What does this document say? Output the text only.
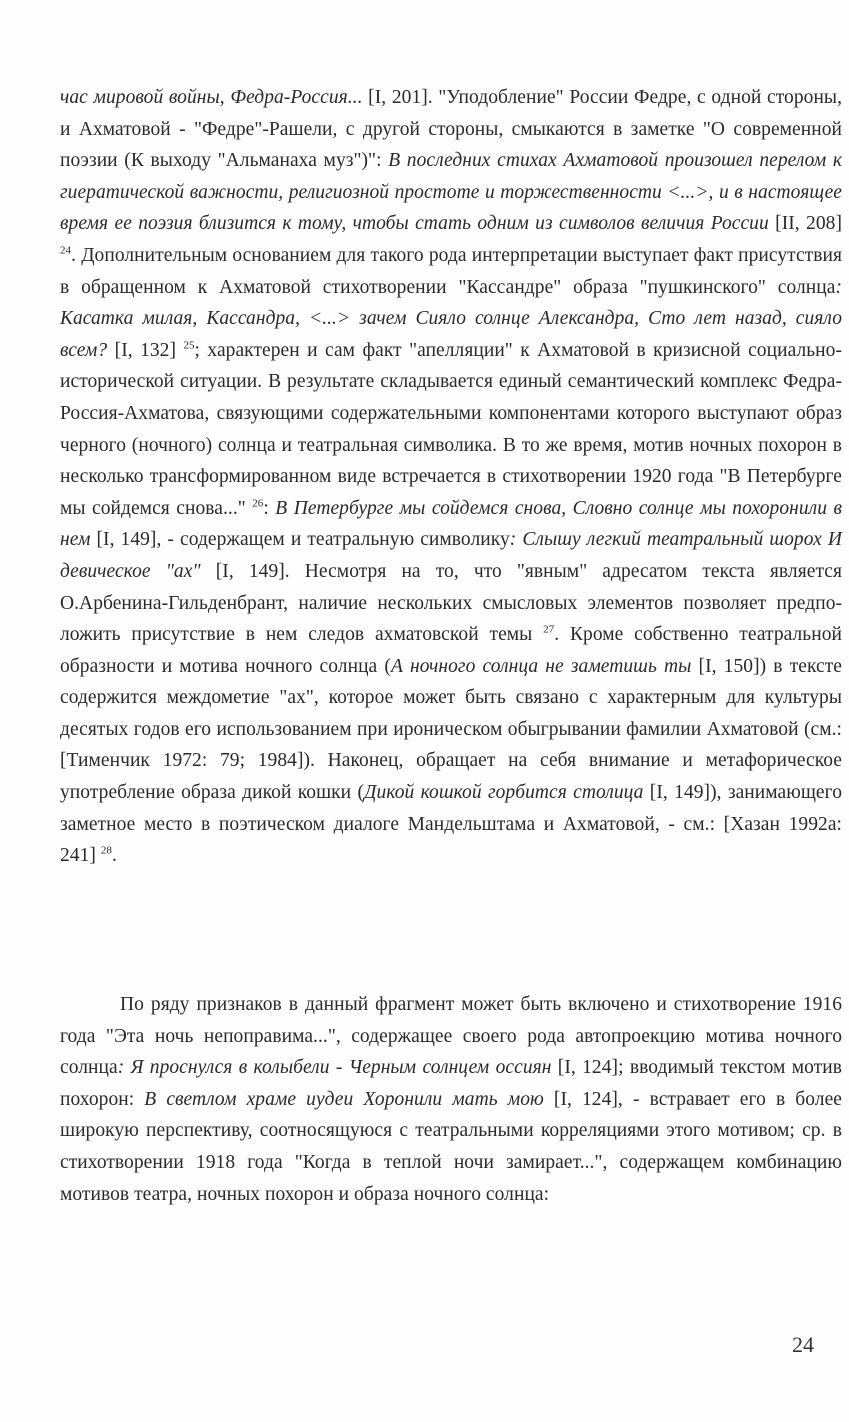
час мировой войны, Федра-Россия... [I, 201]. "Уподобление" России Федре, с одной стороны, и Ахматовой - "Федре"-Рашели, с другой стороны, смыкаются в заметке "О современной поэзии (К выходу "Альманаха муз")": В последних стихах Ахматовой произошел перелом к гиератической важности, религиозной простоте и торжественности <...>, и в настоящее время ее поэзия близится к тому, чтобы стать одним из символов величия России [II, 208] $^{24}$. Дополнительным основанием для такого рода интерпретации выступает факт присутствия в обращенном к Ахматовой стихотворении "Кассандре" образа "пушкинского" солнца: Касатка милая, Кассандра, <...> зачем Сияло солнце Александра, Сто лет назад, сияло всем? [I, 132] $^{25}$; характерен и сам факт "апелляции" к Ахматовой в кризисной социально-исторической ситуации. В результате складывается единый семантический комплекс Федра-Россия-Ахматова, связующими содержательными компонентами которого выступают образ черного (ночного) солнца и театральная символика. В то же время, мотив ночных похорон в несколько трансформированном виде встречается в стихотворении 1920 года "В Петербурге мы сойдемся снова..." $^{26}$: В Петербурге мы сойдемся снова, Словно солнце мы похоронили в нем [I, 149], - содержащем и театральную символику: Слышу легкий театральный шорох И девическое "ах" [I, 149]. Несмотря на то, что "явным" адресатом текста является О.Арбенина-Гильденбрант, наличие нескольких смысловых элементов позволяет предположить присутствие в нем следов ахматовской темы $^{27}$. Кроме собственно театральной образности и мотива ночного солнца (А ночного солнца не заметишь ты [I, 150]) в тексте содержится междометие "ах", которое может быть связано с характерным для культуры десятых годов его использованием при ироническом обыгрывании фамилии Ахматовой (см.: [Тименчик 1972: 79; 1984]). Наконец, обращает на себя внимание и метафорическое употребление образа дикой кошки (Дикой кошкой горбится столица [I, 149]), занимающего заметное место в поэтическом диалоге Мандельштама и Ахматовой, - см.: [Хазан 1992а: 241] $^{28}$.

По ряду признаков в данный фрагмент может быть включено и стихотворение 1916 года "Эта ночь непоправима...", содержащее своего рода автопроекцию мотива ночного солнца: Я проснулся в колыбели - Черным солнцем оссиян [I, 124]; вводимый текстом мотив похорон: В светлом храме иудеи Хоронили мать мою [I, 124], - встравает его в более широкую перспективу, соотносящуюся с театральными корреляциями этого мотивом; ср. в стихотворении 1918 года "Когда в теплой ночи замирает...", содержащем комбинацию мотивов театра, ночных похорон и образа ночного солнца:

24
